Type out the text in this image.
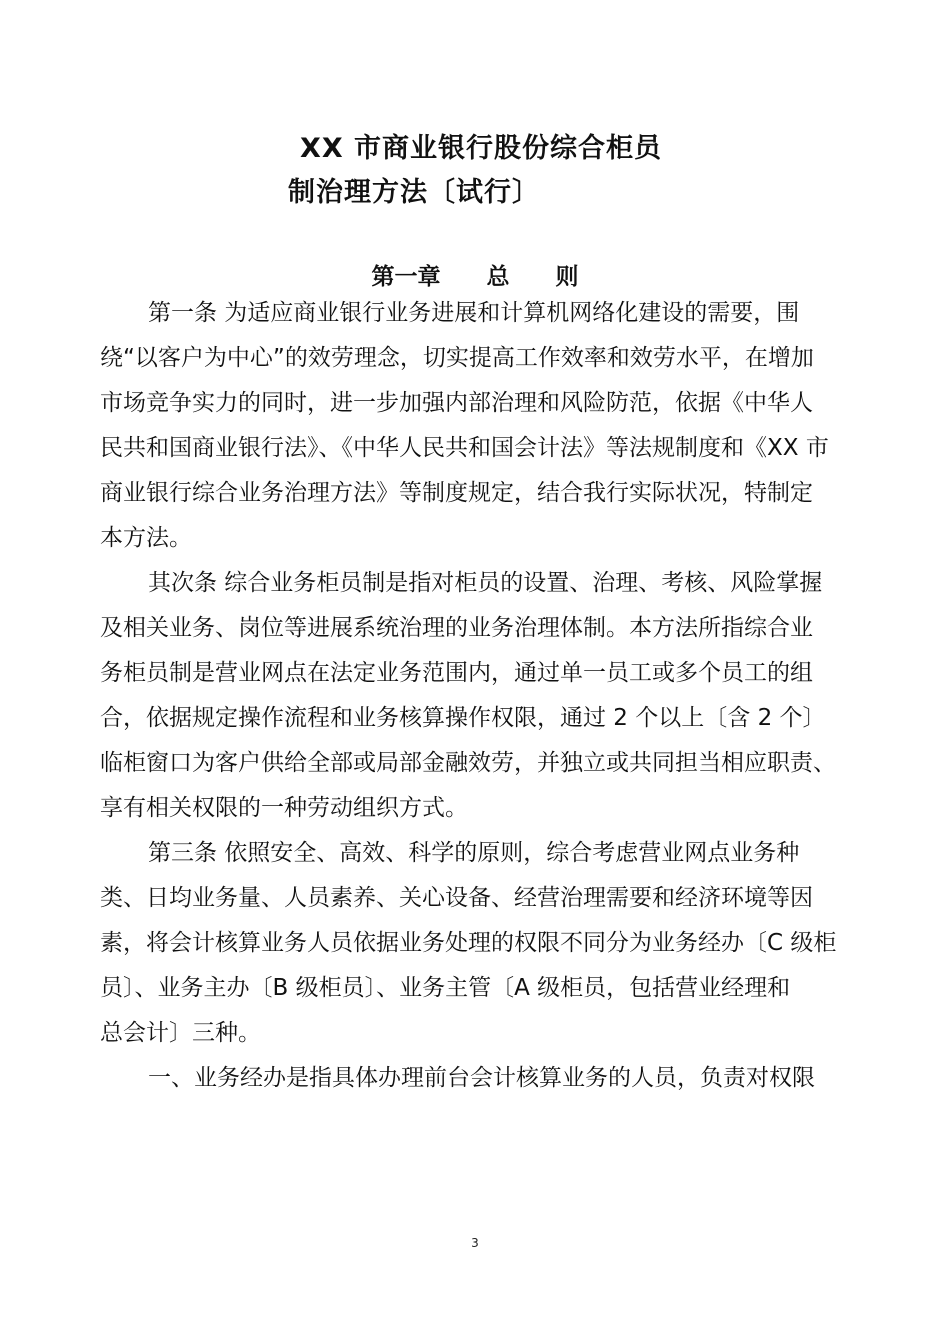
XX 市商业银行股份综合柜员
制治理方法〔试行〕
第一章　　总　　则
第一条 为适应商业银行业务进展和计算机网络化建设的需要，围
绕“以客户为中心”的效劳理念，切实提高工作效率和效劳水平，在增加
市场竞争实力的同时，进一步加强内部治理和风险防范，依据《中华人
民共和国商业银行法》、《中华人民共和国会计法》等法规制度和《XX 市
商业银行综合业务治理方法》等制度规定，结合我行实际状况，特制定
本方法。
其次条 综合业务柜员制是指对柜员的设置、治理、考核、风险掌握
及相关业务、岗位等进展系统治理的业务治理体制。本方法所指综合业
务柜员制是营业网点在法定业务范围内，通过单一员工或多个员工的组
合，依据规定操作流程和业务核算操作权限，通过 2 个以上〔含 2 个〕
临柜窗口为客户供给全部或局部金融效劳，并独立或共同担当相应职责、
享有相关权限的一种劳动组织方式。
第三条 依照安全、高效、科学的原则，综合考虑营业网点业务种
类、日均业务量、人员素养、关心设备、经营治理需要和经济环境等因
素，将会计核算业务人员依据业务处理的权限不同分为业务经办〔C 级柜
员〕、业务主办〔B 级柜员〕、业务主管〔A 级柜员，包括营业经理和
总会计〕三种。
一、业务经办是指具体办理前台会计核算业务的人员，负责对权限
3
